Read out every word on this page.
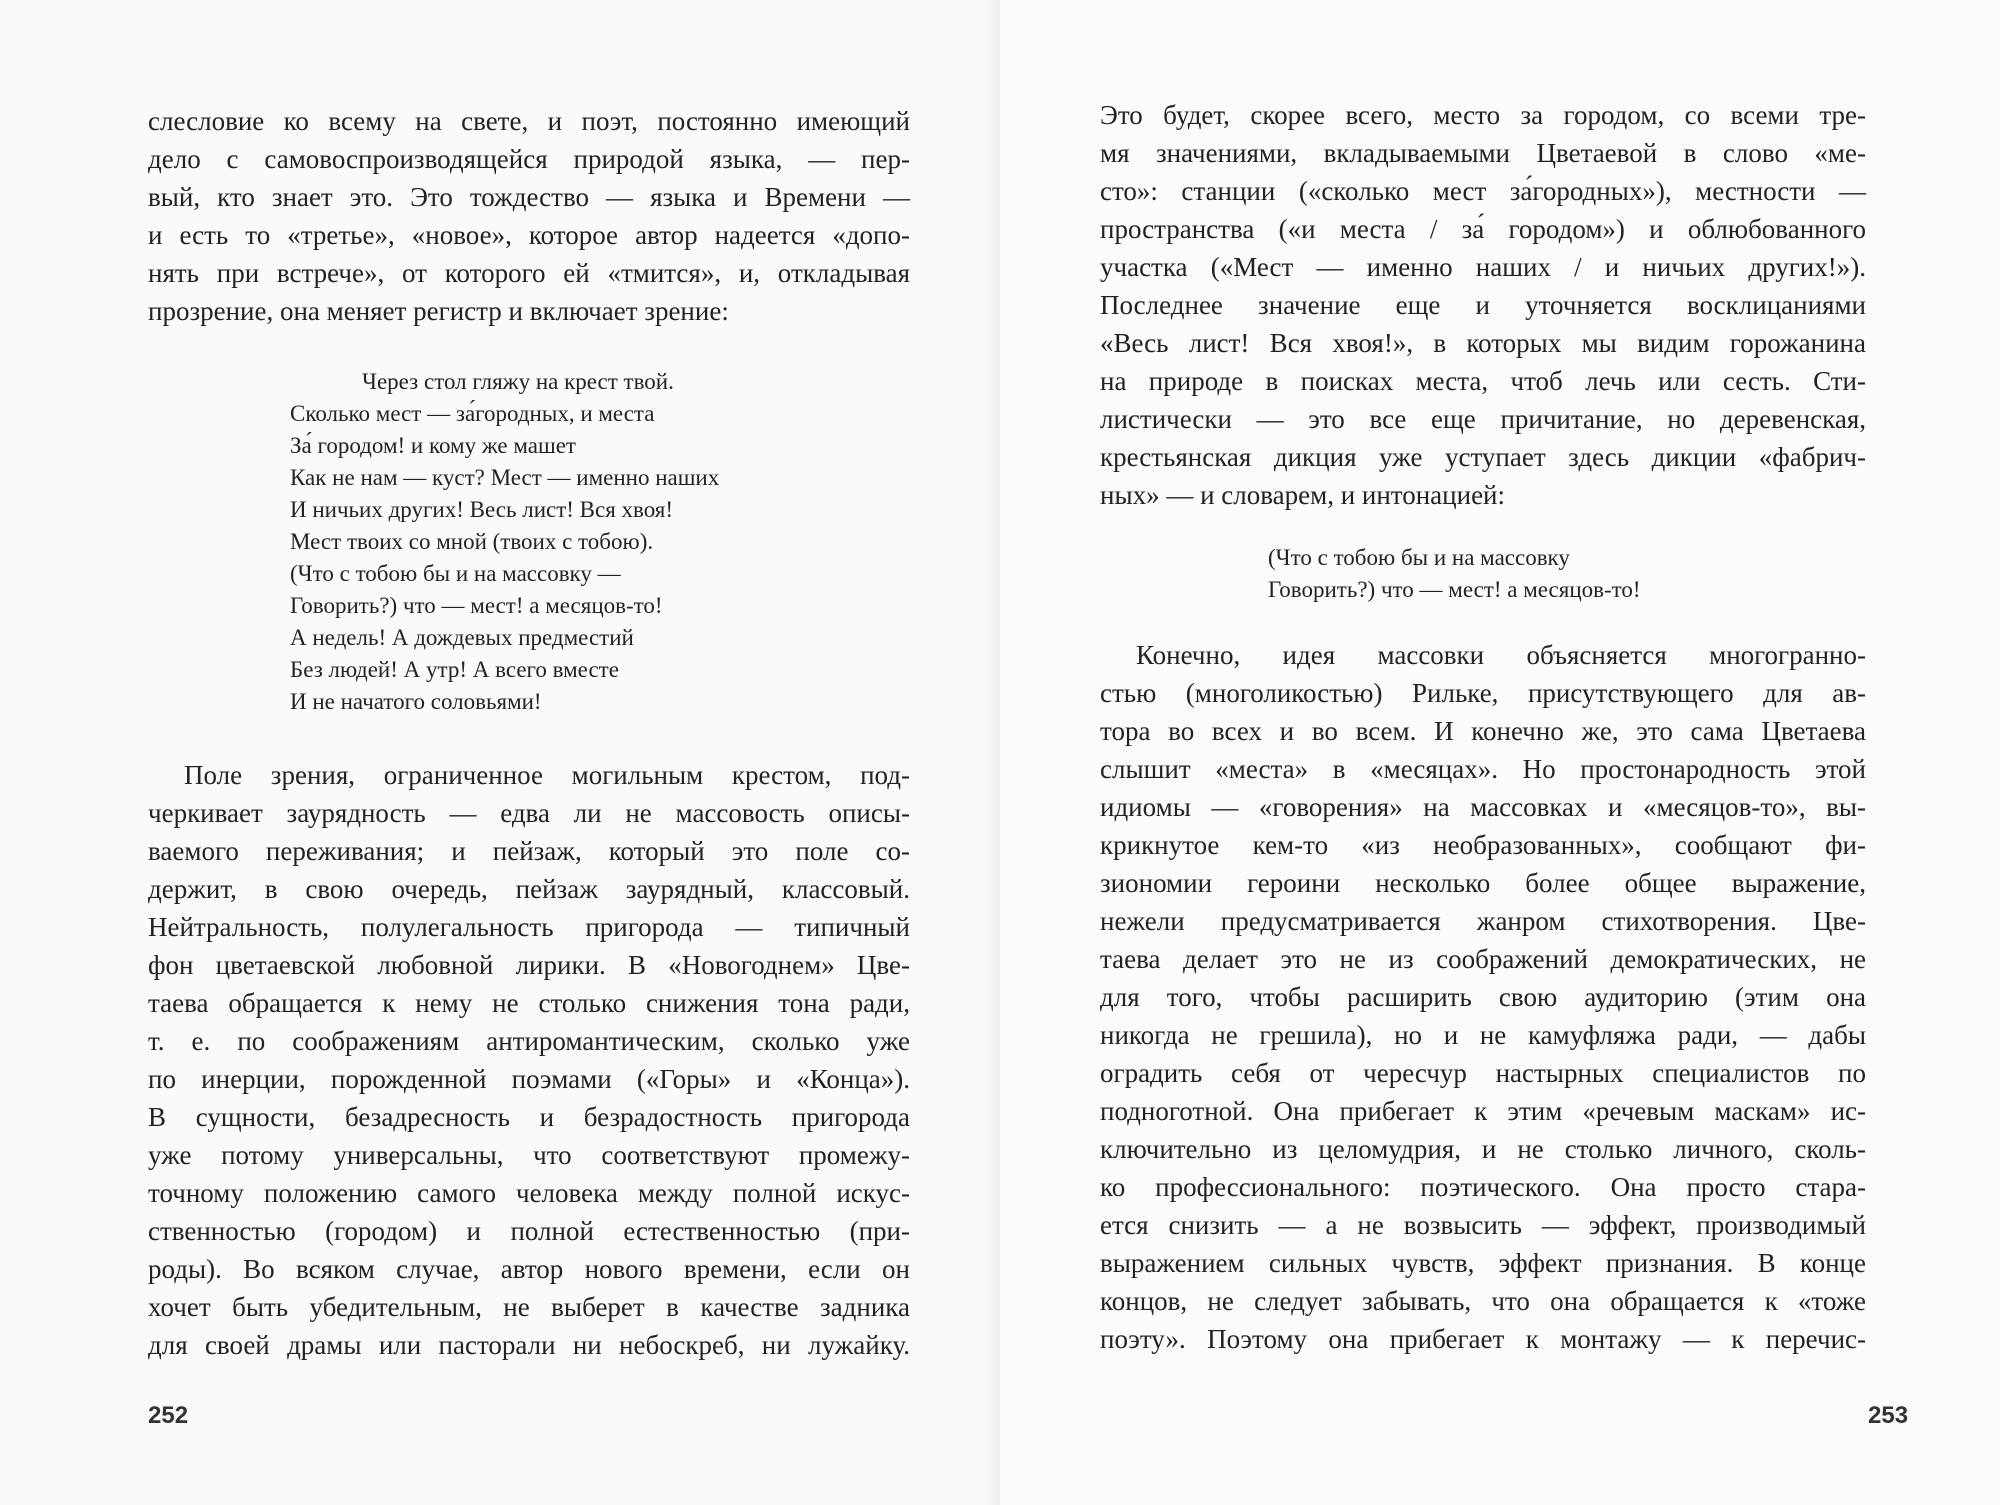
слесловие ко всему на свете, и поэт, постоянно имеющий
дело с самовоспроизводящейся природой языка, — пер-
вый, кто знает это. Это тождество — языка и Времени —
и есть то «третье», «новое», которое автор надеется «допо-
нять при встрече», от которого ей «тмится», и, откладывая
прозрение, она меняет регистр и включает зрение:

Через стол гляжу на крест твой.
Сколько мест — за́городных, и места
За́ городом! и кому же машет
Как не нам — куст? Мест — именно наших
И ничьих других! Весь лист! Вся хвоя!
Мест твоих со мной (твоих с тобою).
(Что с тобою бы и на массовку —
Говорить?) что — мест! а месяцов-то!
А недель! А дождевых предместий
Без людей! А утр! А всего вместе
И не начатого соловьями!

Поле зрения, ограниченное могильным крестом, под-
черкивает заурядность — едва ли не массовость описы-
ваемого переживания; и пейзаж, который это поле со-
держит, в свою очередь, пейзаж заурядный, классовый.
Нейтральность, полулегальность пригорода — типичный
фон цветаевской любовной лирики. В «Новогоднем» Цве-
таева обращается к нему не столько снижения тона ради,
т. е. по соображениям антиромантическим, сколько уже
по инерции, порожденной поэмами («Горы» и «Конца»).
В сущности, безадресность и безрадостность пригорода
уже потому универсальны, что соответствуют промежу-
точному положению самого человека между полной искус-
ственностью (городом) и полной естественностью (при-
роды). Во всяком случае, автор нового времени, если он
хочет быть убедительным, не выберет в качестве задника
для своей драмы или пасторали ни небоскреб, ни лужайку.

252

Это будет, скорее всего, место за городом, со всеми тре-
мя значениями, вкладываемыми Цветаевой в слово «ме-
сто»: станции («сколько мест за́городных»), местности —
пространства («и места / за́ городом») и облюбованного
участка («Мест — именно наших / и ничьих других!»).
Последнее значение еще и уточняется восклицаниями
«Весь лист! Вся хвоя!», в которых мы видим горожанина
на природе в поисках места, чтоб лечь или сесть. Сти-
листически — это все еще причитание, но деревенская,
крестьянская дикция уже уступает здесь дикции «фабрич-
ных» — и словарем, и интонацией:

(Что с тобою бы и на массовку
Говорить?) что — мест! а месяцов-то!

Конечно, идея массовки объясняется многогранно-
стью (многоликостью) Рильке, присутствующего для ав-
тора во всех и во всем. И конечно же, это сама Цветаева
слышит «места» в «месяцах». Но простонародность этой
идиомы — «говорения» на массовках и «месяцов-то», вы-
крикнутое кем-то «из необразованных», сообщают фи-
зиономии героини несколько более общее выражение,
нежели предусматривается жанром стихотворения. Цве-
таева делает это не из соображений демократических, не
для того, чтобы расширить свою аудиторию (этим она
никогда не грешила), но и не камуфляжа ради, — дабы
оградить себя от чересчур настырных специалистов по
подноготной. Она прибегает к этим «речевым маскам» ис-
ключительно из целомудрия, и не столько личного, сколь-
ко профессионального: поэтического. Она просто стара-
ется снизить — а не возвысить — эффект, производимый
выражением сильных чувств, эффект признания. В конце
концов, не следует забывать, что она обращается к «тоже
поэту». Поэтому она прибегает к монтажу — к перечис-

253
